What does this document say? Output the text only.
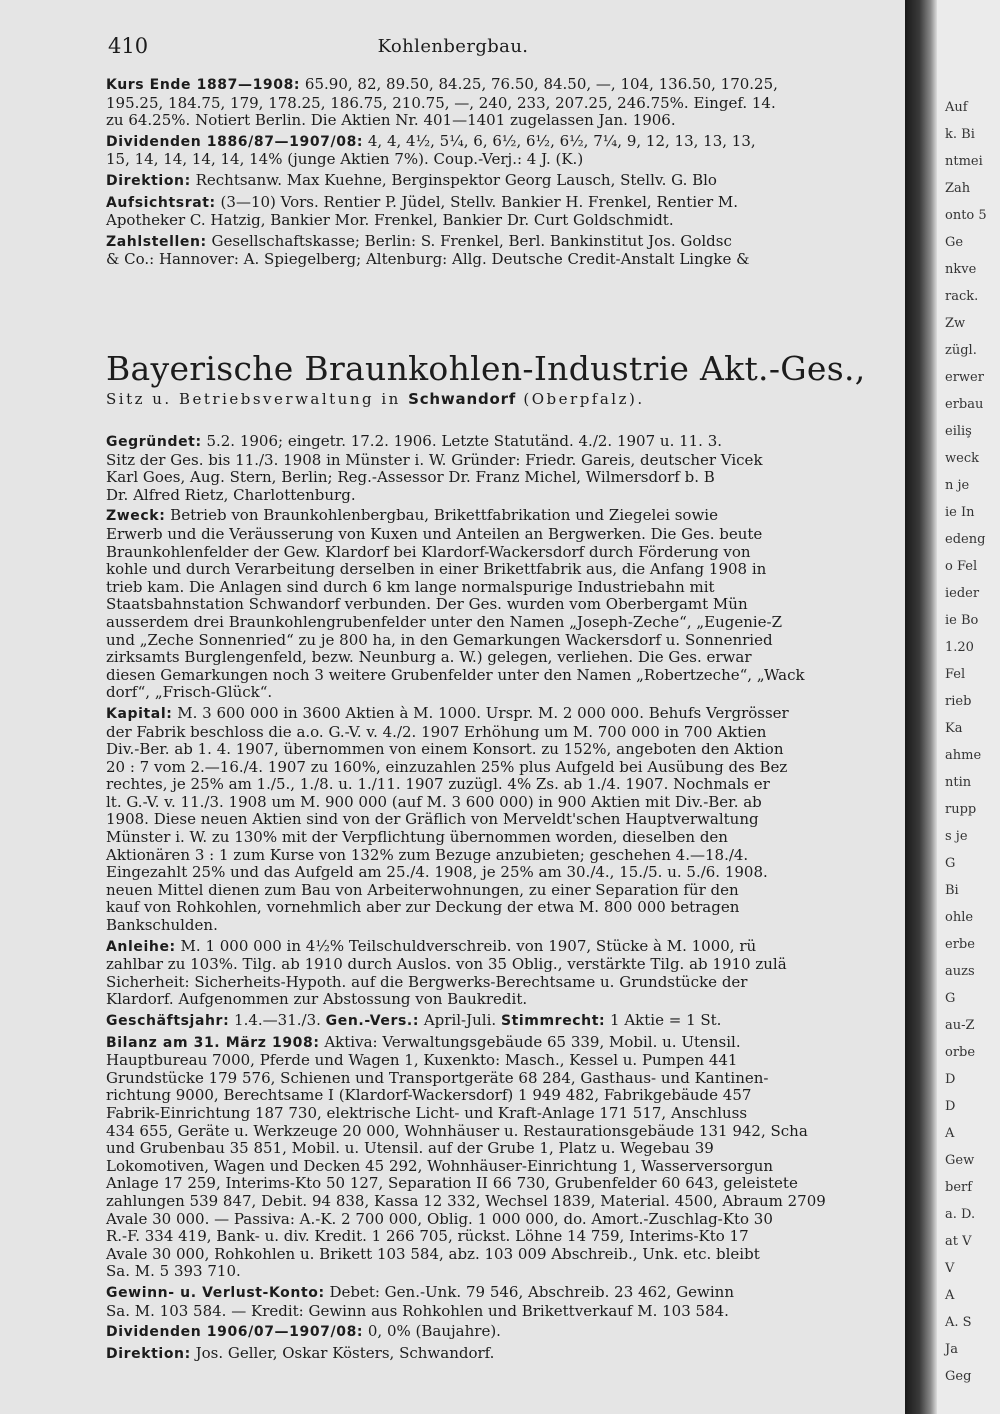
410	Kohlenbergbau.

Kurs Ende 1887—1908: 65.90, 82, 89.50, 84.25, 76.50, 84.50, —, 104, 136.50, 170.25,
195.25, 184.75, 179, 178.25, 186.75, 210.75, —, 240, 233, 207.25, 246.75%. Eingef. 14.
zu 64.25%. Notiert Berlin. Die Aktien Nr. 401—1401 zugelassen Jan. 1906.

Dividenden 1886/87—1907/08: 4, 4, 4½, 5¼, 6, 6½, 6½, 6½, 7¼, 9, 12, 13, 13, 13,
15, 14, 14, 14, 14, 14% (junge Aktien 7%). Coup.-Verj.: 4 J. (K.)

Direktion: Rechtsanw. Max Kuehne, Berginspektor Georg Lausch, Stellv. G. Blo

Aufsichtsrat: (3—10) Vors. Rentier P. Jüdel, Stellv. Bankier H. Frenkel, Rentier M.
Apotheker C. Hatzig, Bankier Mor. Frenkel, Bankier Dr. Curt Goldschmidt.

Zahlstellen: Gesellschaftskasse; Berlin: S. Frenkel, Berl. Bankinstitut Jos. Goldsc
& Co.: Hannover: A. Spiegelberg; Altenburg: Allg. Deutsche Credit-Anstalt Lingke &

Bayerische Braunkohlen-Industrie Akt.-Ges.,
Sitz u. Betriebsverwaltung in Schwandorf (Oberpfalz).

Gegründet: 5.2. 1906; eingetr. 17.2. 1906. Letzte Statutänd. 4./2. 1907 u. 11. 3.
Sitz der Ges. bis 11./3. 1908 in Münster i. W. Gründer: Friedr. Gareis, deutscher Vicek
Karl Goes, Aug. Stern, Berlin; Reg.-Assessor Dr. Franz Michel, Wilmersdorf b. B
Dr. Alfred Rietz, Charlottenburg.

Zweck: Betrieb von Braunkohlenbergbau, Brikettfabrikation und Ziegelei sowie
Erwerb und die Veräusserung von Kuxen und Anteilen an Bergwerken. Die Ges. beute
Braunkohlenfelder der Gew. Klardorf bei Klardorf-Wackersdorf durch Förderung von
kohle und durch Verarbeitung derselben in einer Brikettfabrik aus, die Anfang 1908 in
trieb kam. Die Anlagen sind durch 6 km lange normalspurige Industriebahn mit
Staatsbahnstation Schwandorf verbunden. Der Ges. wurden vom Oberbergamt Mün
ausserdem drei Braunkohlengrubenfelder unter den Namen „Joseph-Zeche“, „Eugenie-Z
und „Zeche Sonnenried“ zu je 800 ha, in den Gemarkungen Wackersdorf u. Sonnenried
zirksamts Burglengenfeld, bezw. Neunburg a. W.) gelegen, verliehen. Die Ges. erwar
diesen Gemarkungen noch 3 weitere Grubenfelder unter den Namen „Robertzeche“, „Wack
dorf“, „Frisch-Glück“.

Kapital: M. 3 600 000 in 3600 Aktien à M. 1000. Urspr. M. 2 000 000. Behufs Vergrösser
der Fabrik beschloss die a.o. G.-V. v. 4./2. 1907 Erhöhung um M. 700 000 in 700 Aktien
Div.-Ber. ab 1. 4. 1907, übernommen von einem Konsort. zu 152%, angeboten den Aktion
20 : 7 vom 2.—16./4. 1907 zu 160%, einzuzahlen 25% plus Aufgeld bei Ausübung des Bez
rechtes, je 25% am 1./5., 1./8. u. 1./11. 1907 zuzügl. 4% Zs. ab 1./4. 1907. Nochmals er
lt. G.-V. v. 11./3. 1908 um M. 900 000 (auf M. 3 600 000) in 900 Aktien mit Div.-Ber. ab
1908. Diese neuen Aktien sind von der Gräflich von Merveldt'schen Hauptverwaltung
Münster i. W. zu 130% mit der Verpflichtung übernommen worden, dieselben den
Aktionären 3 : 1 zum Kurse von 132% zum Bezuge anzubieten; geschehen 4.—18./4.
Eingezahlt 25% und das Aufgeld am 25./4. 1908, je 25% am 30./4., 15./5. u. 5./6. 1908.
neuen Mittel dienen zum Bau von Arbeiterwohnungen, zu einer Separation für den
kauf von Rohkohlen, vornehmlich aber zur Deckung der etwa M. 800 000 betragen
Bankschulden.

Anleihe: M. 1 000 000 in 4½% Teilschuldverschreib. von 1907, Stücke à M. 1000, rü
zahlbar zu 103%. Tilg. ab 1910 durch Auslos. von 35 Oblig., verstärkte Tilg. ab 1910 zulä
Sicherheit: Sicherheits-Hypoth. auf die Bergwerks-Berechtsame u. Grundstücke der
Klardorf. Aufgenommen zur Abstossung von Baukredit.

Geschäftsjahr: 1.4.—31./3. Gen.-Vers.: April-Juli. Stimmrecht: 1 Aktie = 1 St.

Bilanz am 31. März 1908: Aktiva: Verwaltungsgebäude 65 339, Mobil. u. Utensil.
Hauptbureau 7000, Pferde und Wagen 1, Kuxenkto: Masch., Kessel u. Pumpen 441
Grundstücke 179 576, Schienen und Transportgeräte 68 284, Gasthaus- und Kantinen-
richtung 9000, Berechtsame I (Klardorf-Wackersdorf) 1 949 482, Fabrikgebäude 457
Fabrik-Einrichtung 187 730, elektrische Licht- und Kraft-Anlage 171 517, Anschluss
434 655, Geräte u. Werkzeuge 20 000, Wohnhäuser u. Restaurationsgebäude 131 942, Scha
und Grubenbau 35 851, Mobil. u. Utensil. auf der Grube 1, Platz u. Wegebau 39
Lokomotiven, Wagen und Decken 45 292, Wohnhäuser-Einrichtung 1, Wasserversorgun
Anlage 17 259, Interims-Kto 50 127, Separation II 66 730, Grubenfelder 60 643, geleistete
zahlungen 539 847, Debit. 94 838, Kassa 12 332, Wechsel 1839, Material. 4500, Abraum 2709
Avale 30 000. — Passiva: A.-K. 2 700 000, Oblig. 1 000 000, do. Amort.-Zuschlag-Kto 30
R.-F. 334 419, Bank- u. div. Kredit. 1 266 705, rückst. Löhne 14 759, Interims-Kto 17
Avale 30 000, Rohkohlen u. Brikett 103 584, abz. 103 009 Abschreib., Unk. etc. bleibt
Sa. M. 5 393 710.

Gewinn- u. Verlust-Konto: Debet: Gen.-Unk. 79 546, Abschreib. 23 462, Gewinn
Sa. M. 103 584. — Kredit: Gewinn aus Rohkohlen und Brikettverkauf M. 103 584.

Dividenden 1906/07—1907/08: 0, 0% (Baujahre).

Direktion: Jos. Geller, Oskar Kösters, Schwandorf.

Auf
k. Bi
ntmei
Zah
onto 5
Ge
nkve
rack.
Zw
zügl.
erwer
erbau
eiliş
weck
n je
ie In
edeng
o Fel
ieder
ie Bo
1.20
Fel
rieb
Ka
ahme
ntin
rupp
s je
G
Bi
ohle
erbe
auzs
G
au-Z
orbe
D
D
A
Gew
berf
a. D.
at V
V
A
A. S
Ja
Geg
